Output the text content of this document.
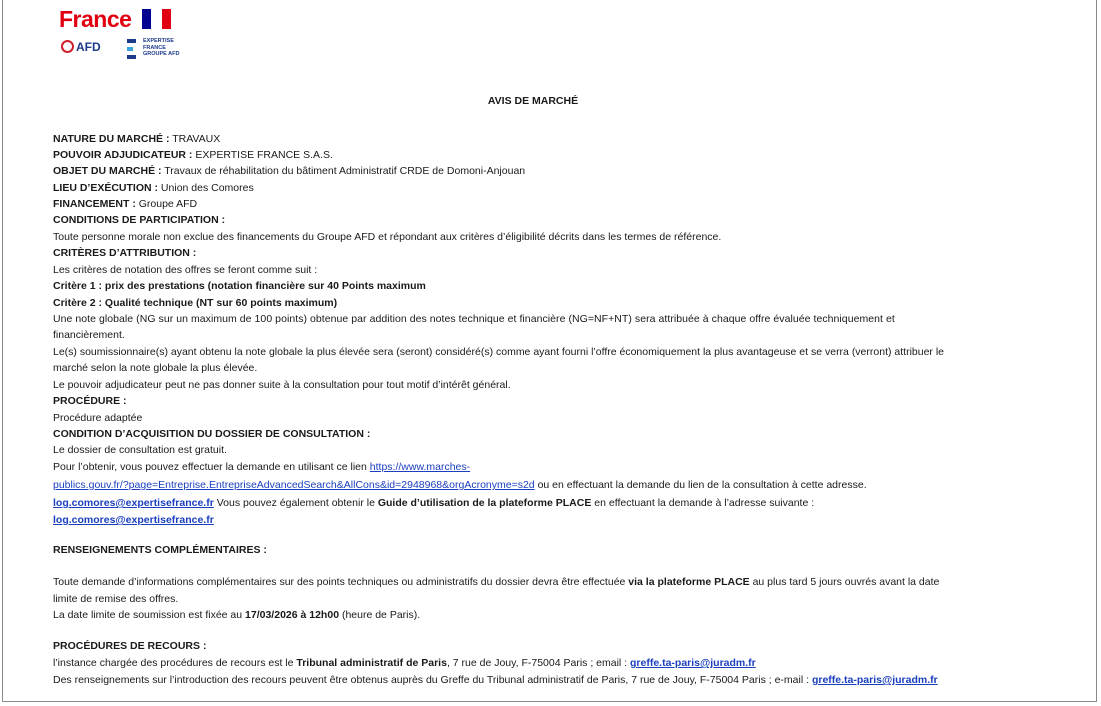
France
AFD	EXPERTISE
FRANCE
GROUPE AFD
AVIS DE MARCHÉ
NATURE DU MARCHÉ : TRAVAUX
POUVOIR ADJUDICATEUR : EXPERTISE FRANCE S.A.S.
OBJET DU MARCHÉ : Travaux de réhabilitation du bâtiment Administratif CRDE de Domoni-Anjouan
LIEU D’EXÉCUTION : Union des Comores
FINANCEMENT : Groupe AFD
CONDITIONS DE PARTICIPATION :
Toute personne morale non exclue des financements du Groupe AFD et répondant aux critères d’éligibilité décrits dans les termes de référence.
CRITÈRES D’ATTRIBUTION :
Les critères de notation des offres se feront comme suit :
Critère 1 : prix des prestations (notation financière sur 40 Points maximum
Critère 2 : Qualité technique (NT sur 60 points maximum)
Une note globale (NG sur un maximum de 100 points) obtenue par addition des notes technique et financière (NG=NF+NT) sera attribuée à chaque offre évaluée techniquement et
financièrement.
Le(s) soumissionnaire(s) ayant obtenu la note globale la plus élevée sera (seront) considéré(s) comme ayant fourni l’offre économiquement la plus avantageuse et se verra (verront) attribuer le
marché selon la note globale la plus élevée.
Le pouvoir adjudicateur peut ne pas donner suite à la consultation pour tout motif d’intérêt général.
PROCÉDURE :
Procédure adaptée
CONDITION D’ACQUISITION DU DOSSIER DE CONSULTATION :
Le dossier de consultation est gratuit.
Pour l’obtenir, vous pouvez effectuer la demande en utilisant ce lien https://www.marches-
publics.gouv.fr/?page=Entreprise.EntrepriseAdvancedSearch&AllCons&id=2948968&orgAcronyme=s2d ou en effectuant la demande du lien de la consultation à cette adresse.
log.comores@expertisefrance.fr Vous pouvez également obtenir le Guide d’utilisation de la plateforme PLACE en effectuant la demande à l’adresse suivante :
log.comores@expertisefrance.fr
RENSEIGNEMENTS COMPLÉMENTAIRES :
Toute demande d’informations complémentaires sur des points techniques ou administratifs du dossier devra être effectuée via la plateforme PLACE au plus tard 5 jours ouvrés avant la date
limite de remise des offres.
La date limite de soumission est fixée au 17/03/2026 à 12h00 (heure de Paris).
PROCÉDURES DE RECOURS :
l’instance chargée des procédures de recours est le Tribunal administratif de Paris, 7 rue de Jouy, F-75004 Paris ; email : greffe.ta-paris@juradm.fr
Des renseignements sur l’introduction des recours peuvent être obtenus auprès du Greffe du Tribunal administratif de Paris, 7 rue de Jouy, F-75004 Paris ; e-mail : greffe.ta-paris@juradm.fr
